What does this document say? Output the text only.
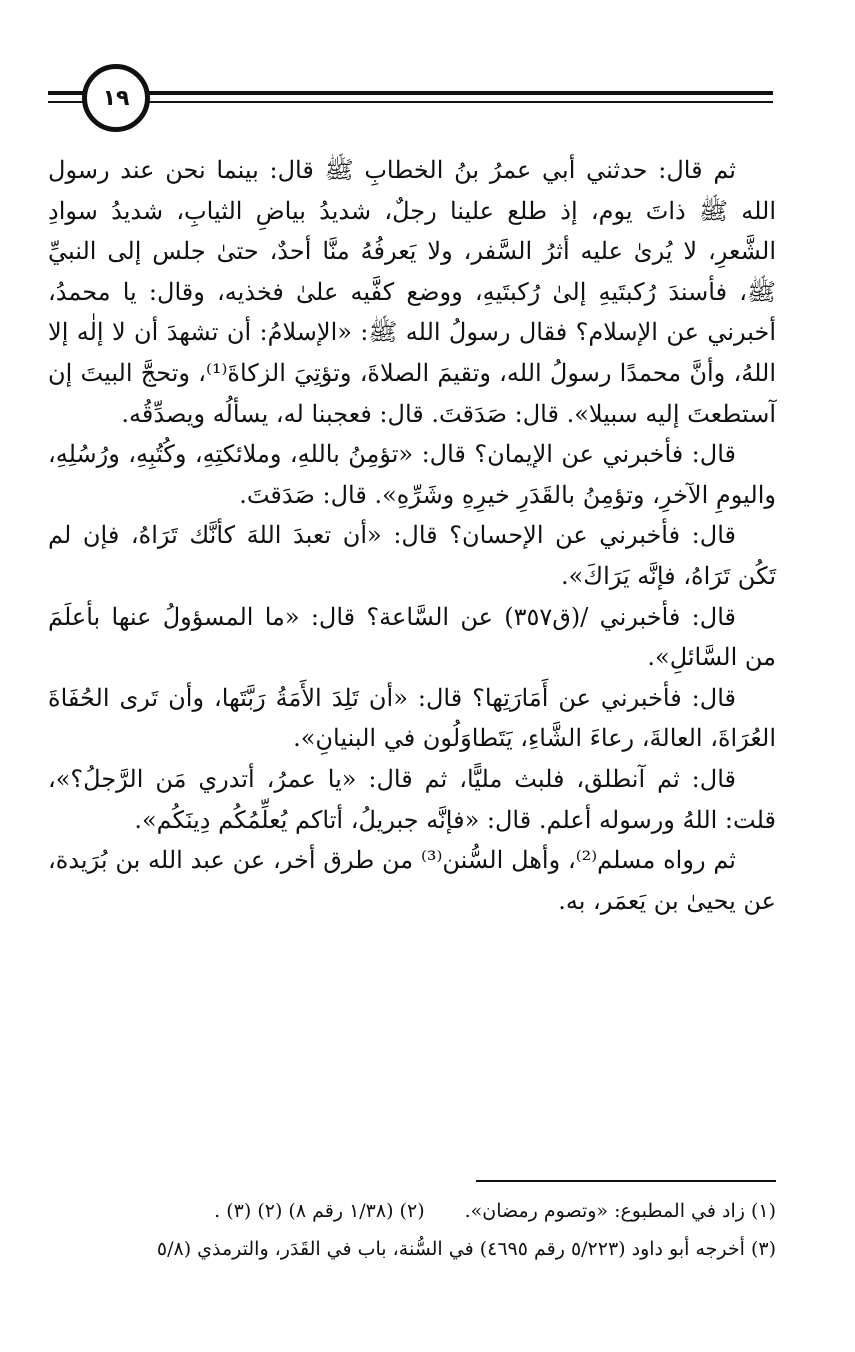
١٩

ثم قال: حدثني أبي عمرُ بنُ الخطابِ ﷺ قال: بينما نحن عند رسول الله ﷺ ذاتَ يوم، إذ طلع علينا رجلٌ، شديدُ بياضِ الثيابِ، شديدُ سوادِ الشَّعرِ، لا يُرىٰ عليه أثرُ السَّفر، ولا يَعرفُهُ منَّا أحدٌ، حتىٰ جلس إلى النبيِّ ﷺ، فأسندَ رُكبتَيهِ إلىٰ رُكبتَيهِ، ووضع كفَّيه علىٰ فخذيه، وقال: يا محمدُ، أخبرني عن الإسلام؟ فقال رسولُ الله ﷺ: «الإسلامُ: أن تشهدَ أن لا إلٰه إلا اللهُ، وأنَّ محمدًا رسولُ الله، وتقيمَ الصلاةَ، وتؤتِيَ الزكاةَ⁽¹⁾، وتحجَّ البيتَ إن آستطعتَ إليه سبيلا». قال: صَدَقتَ. قال: فعجبنا له، يسألُه ويصدِّقُه.

قال: فأخبرني عن الإيمان؟ قال: «تؤمِنُ باللهِ، وملائكتِهِ، وكُتُبِهِ، ورُسُلِهِ، واليومِ الآخرِ، وتؤمِنُ بالقَدَرِ خيرِهِ وشَرِّهِ». قال: صَدَقتَ.

قال: فأخبرني عن الإحسان؟ قال: «أن تعبدَ اللهَ كأنَّك تَرَاهُ، فإن لم تَكُن تَرَاهُ، فإنَّه يَرَاكَ».

قال: فأخبرني /(ق٣٥٧) عن السَّاعة؟ قال: «ما المسؤولُ عنها بأعلَمَ من السَّائلِ».

قال: فأخبرني عن أَمَارَتِها؟ قال: «أن تَلِدَ الأَمَةُ رَبَّتَها، وأن تَرى الحُفَاةَ العُرَاةَ، العالةَ، رعاءَ الشَّاءِ، يَتَطاوَلُون في البنيانِ».

قال: ثم آنطلق، فلبث مليًّا، ثم قال: «يا عمرُ، أتدري مَن الرَّجلُ؟»، قلت: اللهُ ورسوله أعلم. قال: «فإنَّه جبريلُ، أتاكم يُعلِّمُكُم دِينَكُم».

ثم رواه مسلم⁽²⁾، وأهل السُّنن⁽³⁾ من طرق أخر، عن عبد الله بن بُرَيدة، عن يحيىٰ بن يَعمَر، به.

(١) زاد في المطبوع: «وتصوم رمضان».(٢) (١/٣٨ رقم ٨) (٢) (٣) .
(٣) أخرجه أبو داود (٥/٢٢٣ رقم ٤٦٩٥) في السُّنة، باب في القَدَر، والترمذي (٥/٨
